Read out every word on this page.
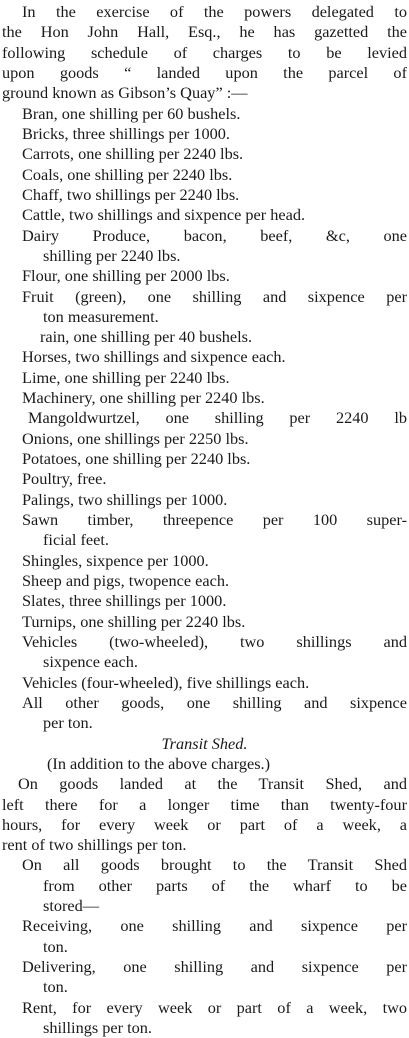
In the exercise of the powers delegated to
the Hon John Hall, Esq., he has gazetted the
following schedule of charges to be levied
upon goods “ landed upon the parcel of
ground known as Gibson’s Quay” :—
Bran, one shilling per 60 bushels.
Bricks, three shillings per 1000.
Carrots, one shilling per 2240 lbs.
Coals, one shilling per 2240 lbs.
Chaff, two shillings per 2240 lbs.
Cattle, two shillings and sixpence per head.
Dairy Produce, bacon, beef, &c, one
shilling per 2240 lbs.
Flour, one shilling per 2000 lbs.
Fruit (green), one shilling and sixpence per
ton measurement.
rain, one shilling per 40 bushels.
Horses, two shillings and sixpence each.
Lime, one shilling per 2240 lbs.
Machinery, one shilling per 2240 lbs.
Mangoldwurtzel, one shilling per 2240 lb
Onions, one shillings per 2250 lbs.
Potatoes, one shilling per 2240 lbs.
Poultry, free.
Palings, two shillings per 1000.
Sawn timber, threepence per 100 super-
ficial feet.
Shingles, sixpence per 1000.
Sheep and pigs, twopence each.
Slates, three shillings per 1000.
Turnips, one shilling per 2240 lbs.
Vehicles (two-wheeled), two shillings and
sixpence each.
Vehicles (four-wheeled), five shillings each.
All other goods, one shilling and sixpence
per ton.
Transit Shed.
(In addition to the above charges.)
On goods landed at the Transit Shed, and
left there for a longer time than twenty-four
hours, for every week or part of a week, a
rent of two shillings per ton.
On all goods brought to the Transit Shed
from other parts of the wharf to be
stored—
Receiving, one shilling and sixpence per
ton.
Delivering, one shilling and sixpence per
ton.
Rent, for every week or part of a week, two
shillings per ton.
